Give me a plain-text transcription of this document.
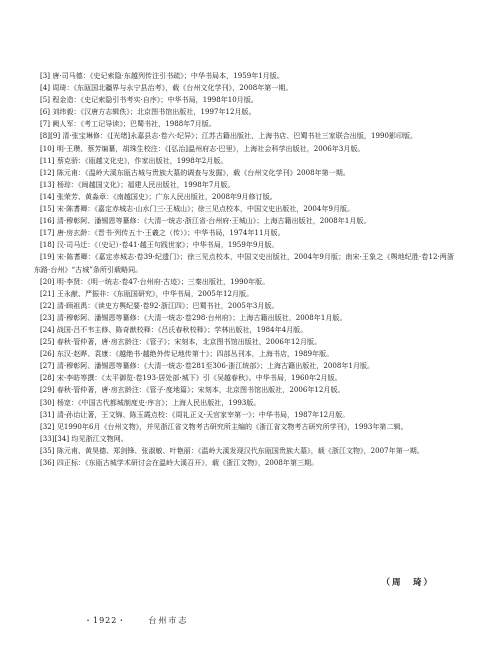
[3] 唐·司马德：《史记索隐·东越列传注引书疏》；中华书局本，1959年1月版。

[4] 周琦：《东瓯国北疆界与永宁县治考》，载《台州文化学刊》，2008年第一期。

[5] 程金造：《史记索隐引书考实·自序》；中华书局，1998年10月版。

[6] 刘纬毅：《汉唐方志辑佚》；北京图书馆出版社，1997年12月版。

[7] 阙人军：《考工记导读》；巴蜀书社，1988年7月版。

[8][9] 清·张宝琳修：《[光绪]永嘉县志·卷六·纪异》；江苏古籍出版社、上海书店、巴蜀书社三家联合出版，1990影印版。

[10] 明·王瓒、蔡芳编纂，胡珠生校注：《[弘治]温州府志·巴里》，上海社会科学出版社，2006年3月版。

[11] 蔡克骄：《瓯越文化史》，作家出版社，1998年2月版。

[12] 陈元甫：《温岭大溪东瓯古城与贵族大墓的调查与发掘》，载《台州文化学刊》2008年第一期。

[13] 杨琮：《闽越国文化》；福建人民出版社，1998年7月版。

[14] 张荣芳、黄淼章：《南越国史》；广东人民出版社，2008年9月修订版。

[15] 宋·陈耆卿：《嘉定赤城志·山水门三·王城山》；徐三见点校本，中国文史出版社，2004年9月版。

[16] 清·穆彰阿、潘锡恩等纂修：《大清一统志·浙江省·台州府·王城山》；上海古籍出版社，2008年1月版。

[17] 唐·房玄龄：《晋书·列传五十·王羲之（传）》；中华书局，1974年11月版。

[18] 汉·司马迁：《（史记）·卷41·越王句践世家》；中华书局，1959年9月版。

[19] 宋·陈耆卿：《嘉定赤城志·卷39·纪遗门》；徐三见点校本，中国文史出版社，2004年9月版；南宋·王象之《舆地纪胜·卷12·两浙东路·台州》“古城”条所引载略同。

[20] 明·李贤：《明一统志·卷47·台州府·古迹》；三秦出版社，1990年版。

[21] 王永献、严振非：《东瓯国研究》，中华书局，2005年12月版。

[22] 清·顾祖禹：《读史方舆纪要·卷92·浙江四》；巴蜀书社，2005年3月版。

[23] 清·穆彰阿、潘锡恩等纂修：《大清一统志·卷298·台州府》；上海古籍出版社，2008年1月版。

[24] 战国·吕不韦主修、陈奇猷校释：《吕氏春秋校释》；学林出版社，1984年4月版。

[25] 春秋·管仲著，唐·房玄龄注：《管子》；宋刻本，北京图书馆出版社，2006年12月版。

[26] 东汉·赵晔、袁康：《越绝书·越绝外传记地传第十》；四部丛刊本，上海书店，1989年版。

[27] 清·穆彰阿、潘锡恩等纂修：《大清一统志·卷281至306·浙江统部》；上海古籍出版社，2008年1月版。

[28] 宋·李昉等撰：《太平御览·卷193·居处部·城下》引《吴越春秋》。中华书局，1960年2月版。

[29] 春秋·管仲著，唐·房玄龄注：《管子·度地篇》；宋刻本，北京图书馆出版社，2006年12月版。

[30] 杨宽：《中国古代都城制度史·序言》；上海人民出版社，1993版。

[31] 清·孙诒让著，王文锦、陈玉霞点校：《周礼正义·天官家宰第一》；中华书局，1987年12月版。

[32] 见1990年6月《台州文物》，并见浙江省文物考古研究所主编的《浙江省文物考古研究所学刊》，1993年第二辑。

[33][34] 均见浙江文物网。

[35] 陈元甫、黄昊德、郑剑锋、张淑敏、叶艳丽：《温岭大溪发现汉代东瓯国贵族大墓》，载《浙江文物》，2007年第一期。

[36] 四正标：《东瓯古城学术研讨会在温岭大溪召开》，载《浙江文物》，2008年第三期。

（周　琦）
・1922・	台州市志
